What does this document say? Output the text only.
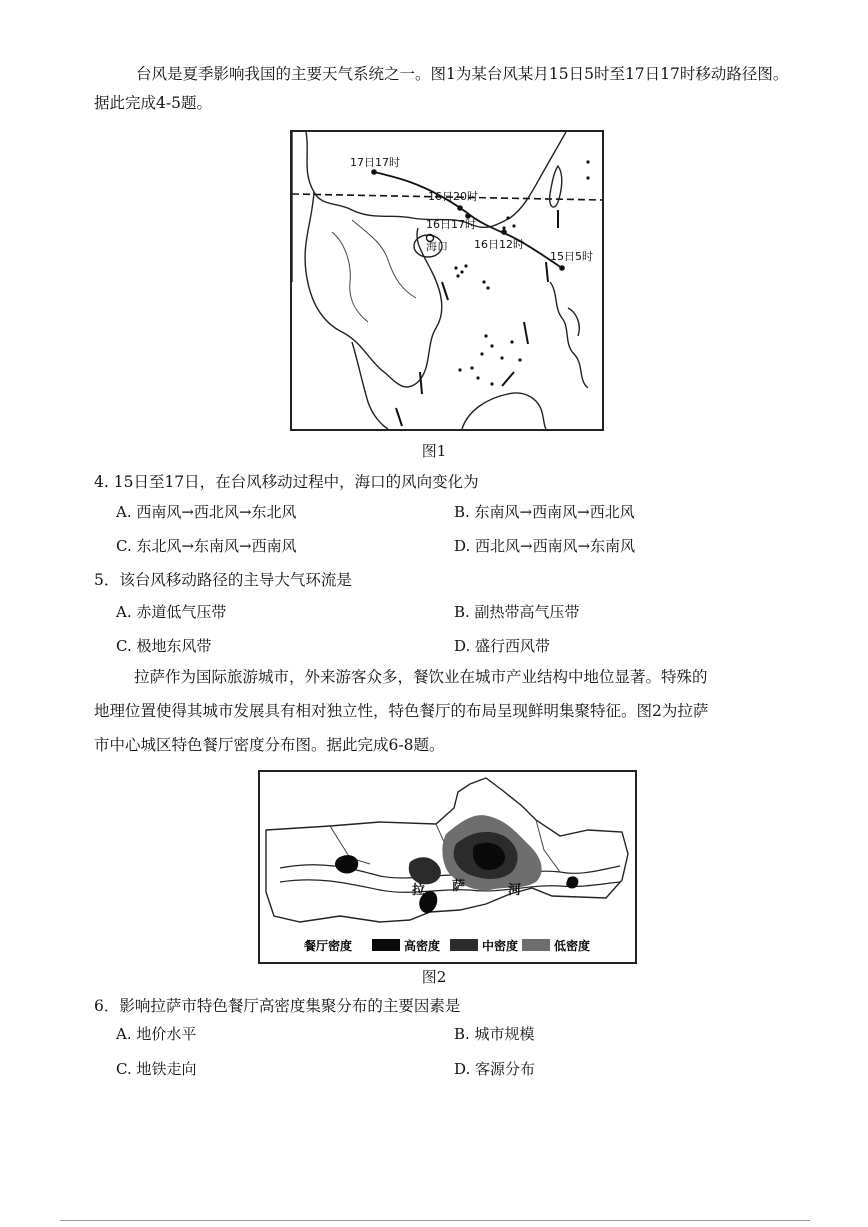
台风是夏季影响我国的主要天气系统之一。图1为某台风某月15日5时至17日17时移动路径图。
据此完成4-5题。
17日17时
16日20时
16日17时
16日12时
15日5时
海口
图1
4. 15日至17日，在台风移动过程中，海口的风向变化为
A. 西南风→西北风→东北风	B. 东南风→西南风→西北风
C. 东北风→东南风→西南风	D. 西北风→西南风→东南风
5．该台风移动路径的主导大气环流是
A. 赤道低气压带	B. 副热带高气压带
C. 极地东风带	D. 盛行西风带
拉萨作为国际旅游城市，外来游客众多，餐饮业在城市产业结构中地位显著。特殊的
地理位置使得其城市发展具有相对独立性，特色餐厅的布局呈现鲜明集聚特征。图2为拉萨
市中心城区特色餐厅密度分布图。据此完成6-8题。
拉 萨	河
餐厅密度	高密度	中密度	低密度
图2
6．影响拉萨市特色餐厅高密度集聚分布的主要因素是
A. 地价水平	B. 城市规模
C. 地铁走向	D. 客源分布
